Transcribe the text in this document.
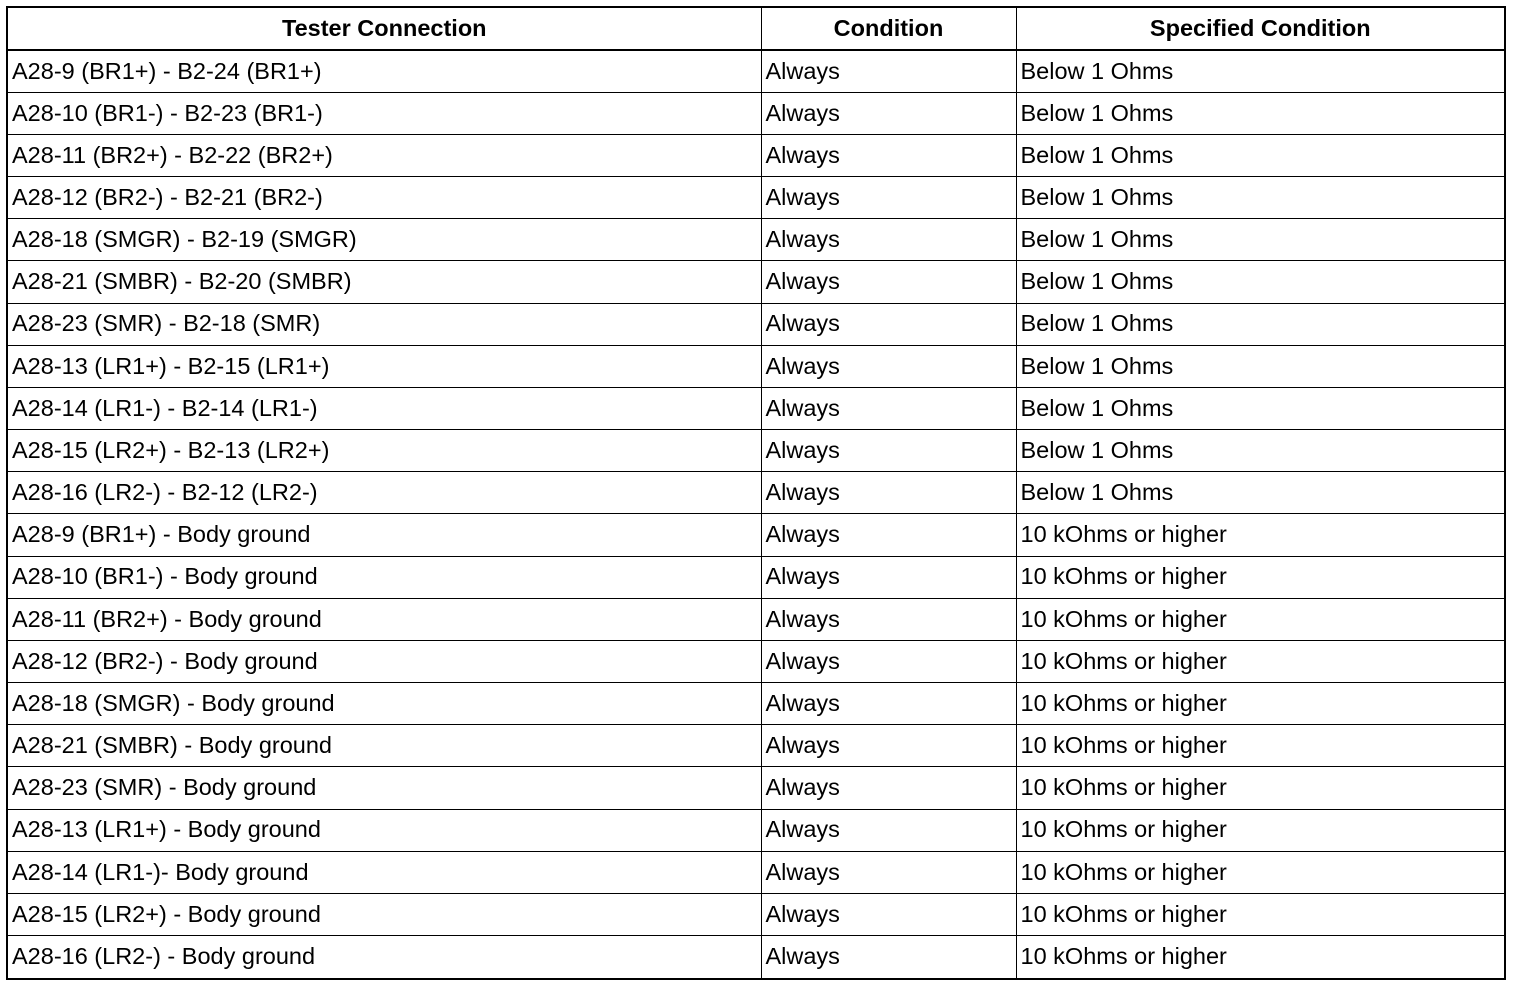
Tester Connection	Condition	Specified Condition
A28-9 (BR1+) - B2-24 (BR1+)	Always	Below 1 Ohms
A28-10 (BR1-) - B2-23 (BR1-)	Always	Below 1 Ohms
A28-11 (BR2+) - B2-22 (BR2+)	Always	Below 1 Ohms
A28-12 (BR2-) - B2-21 (BR2-)	Always	Below 1 Ohms
A28-18 (SMGR) - B2-19 (SMGR)	Always	Below 1 Ohms
A28-21 (SMBR) - B2-20 (SMBR)	Always	Below 1 Ohms
A28-23 (SMR) - B2-18 (SMR)	Always	Below 1 Ohms
A28-13 (LR1+) - B2-15 (LR1+)	Always	Below 1 Ohms
A28-14 (LR1-) - B2-14 (LR1-)	Always	Below 1 Ohms
A28-15 (LR2+) - B2-13 (LR2+)	Always	Below 1 Ohms
A28-16 (LR2-) - B2-12 (LR2-)	Always	Below 1 Ohms
A28-9 (BR1+) - Body ground	Always	10 kOhms or higher
A28-10 (BR1-) - Body ground	Always	10 kOhms or higher
A28-11 (BR2+) - Body ground	Always	10 kOhms or higher
A28-12 (BR2-) - Body ground	Always	10 kOhms or higher
A28-18 (SMGR) - Body ground	Always	10 kOhms or higher
A28-21 (SMBR) - Body ground	Always	10 kOhms or higher
A28-23 (SMR) - Body ground	Always	10 kOhms or higher
A28-13 (LR1+) - Body ground	Always	10 kOhms or higher
A28-14 (LR1-)- Body ground	Always	10 kOhms or higher
A28-15 (LR2+) - Body ground	Always	10 kOhms or higher
A28-16 (LR2-) - Body ground	Always	10 kOhms or higher
